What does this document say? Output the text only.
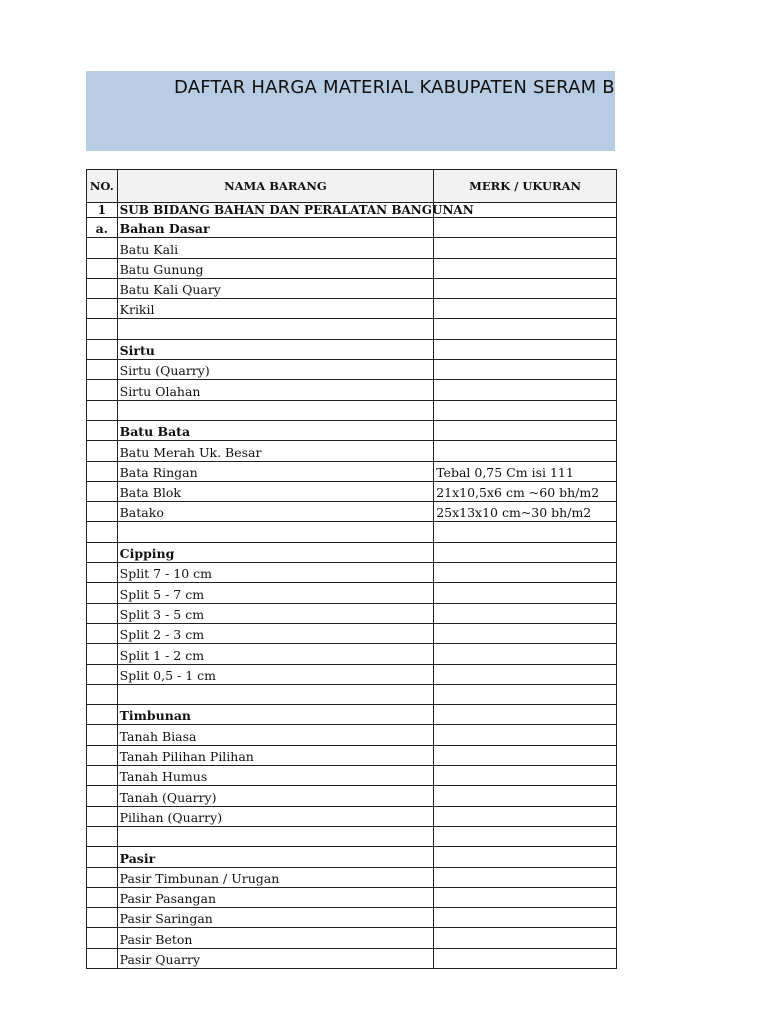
DAFTAR HARGA MATERIAL KABUPATEN SERAM B
NO.	NAMA BARANG	MERK / UKURAN
1	SUB BIDANG BAHAN DAN PERALATAN BANGUNAN	
a.	Bahan Dasar	
	Batu Kali	
	Batu Gunung	
	Batu Kali Quary	
	Krikil	

	Sirtu	
	Sirtu (Quarry)	
	Sirtu Olahan	

	Batu Bata	
	Batu Merah Uk. Besar	
	Bata Ringan	Tebal 0,75 Cm isi 111
	Bata Blok	21x10,5x6 cm ~60 bh/m2
	Batako	25x13x10 cm~30 bh/m2

	Cipping	
	Split 7 - 10 cm	
	Split 5 - 7 cm	
	Split 3 - 5 cm	
	Split 2 - 3 cm	
	Split 1 - 2 cm	
	Split 0,5 - 1 cm	

	Timbunan	
	Tanah Biasa	
	Tanah Pilihan Pilihan	
	Tanah Humus	
	Tanah (Quarry)	
	Pilihan (Quarry)	

	Pasir	
	Pasir Timbunan / Urugan	
	Pasir Pasangan	
	Pasir Saringan	
	Pasir Beton	
	Pasir Quarry	
